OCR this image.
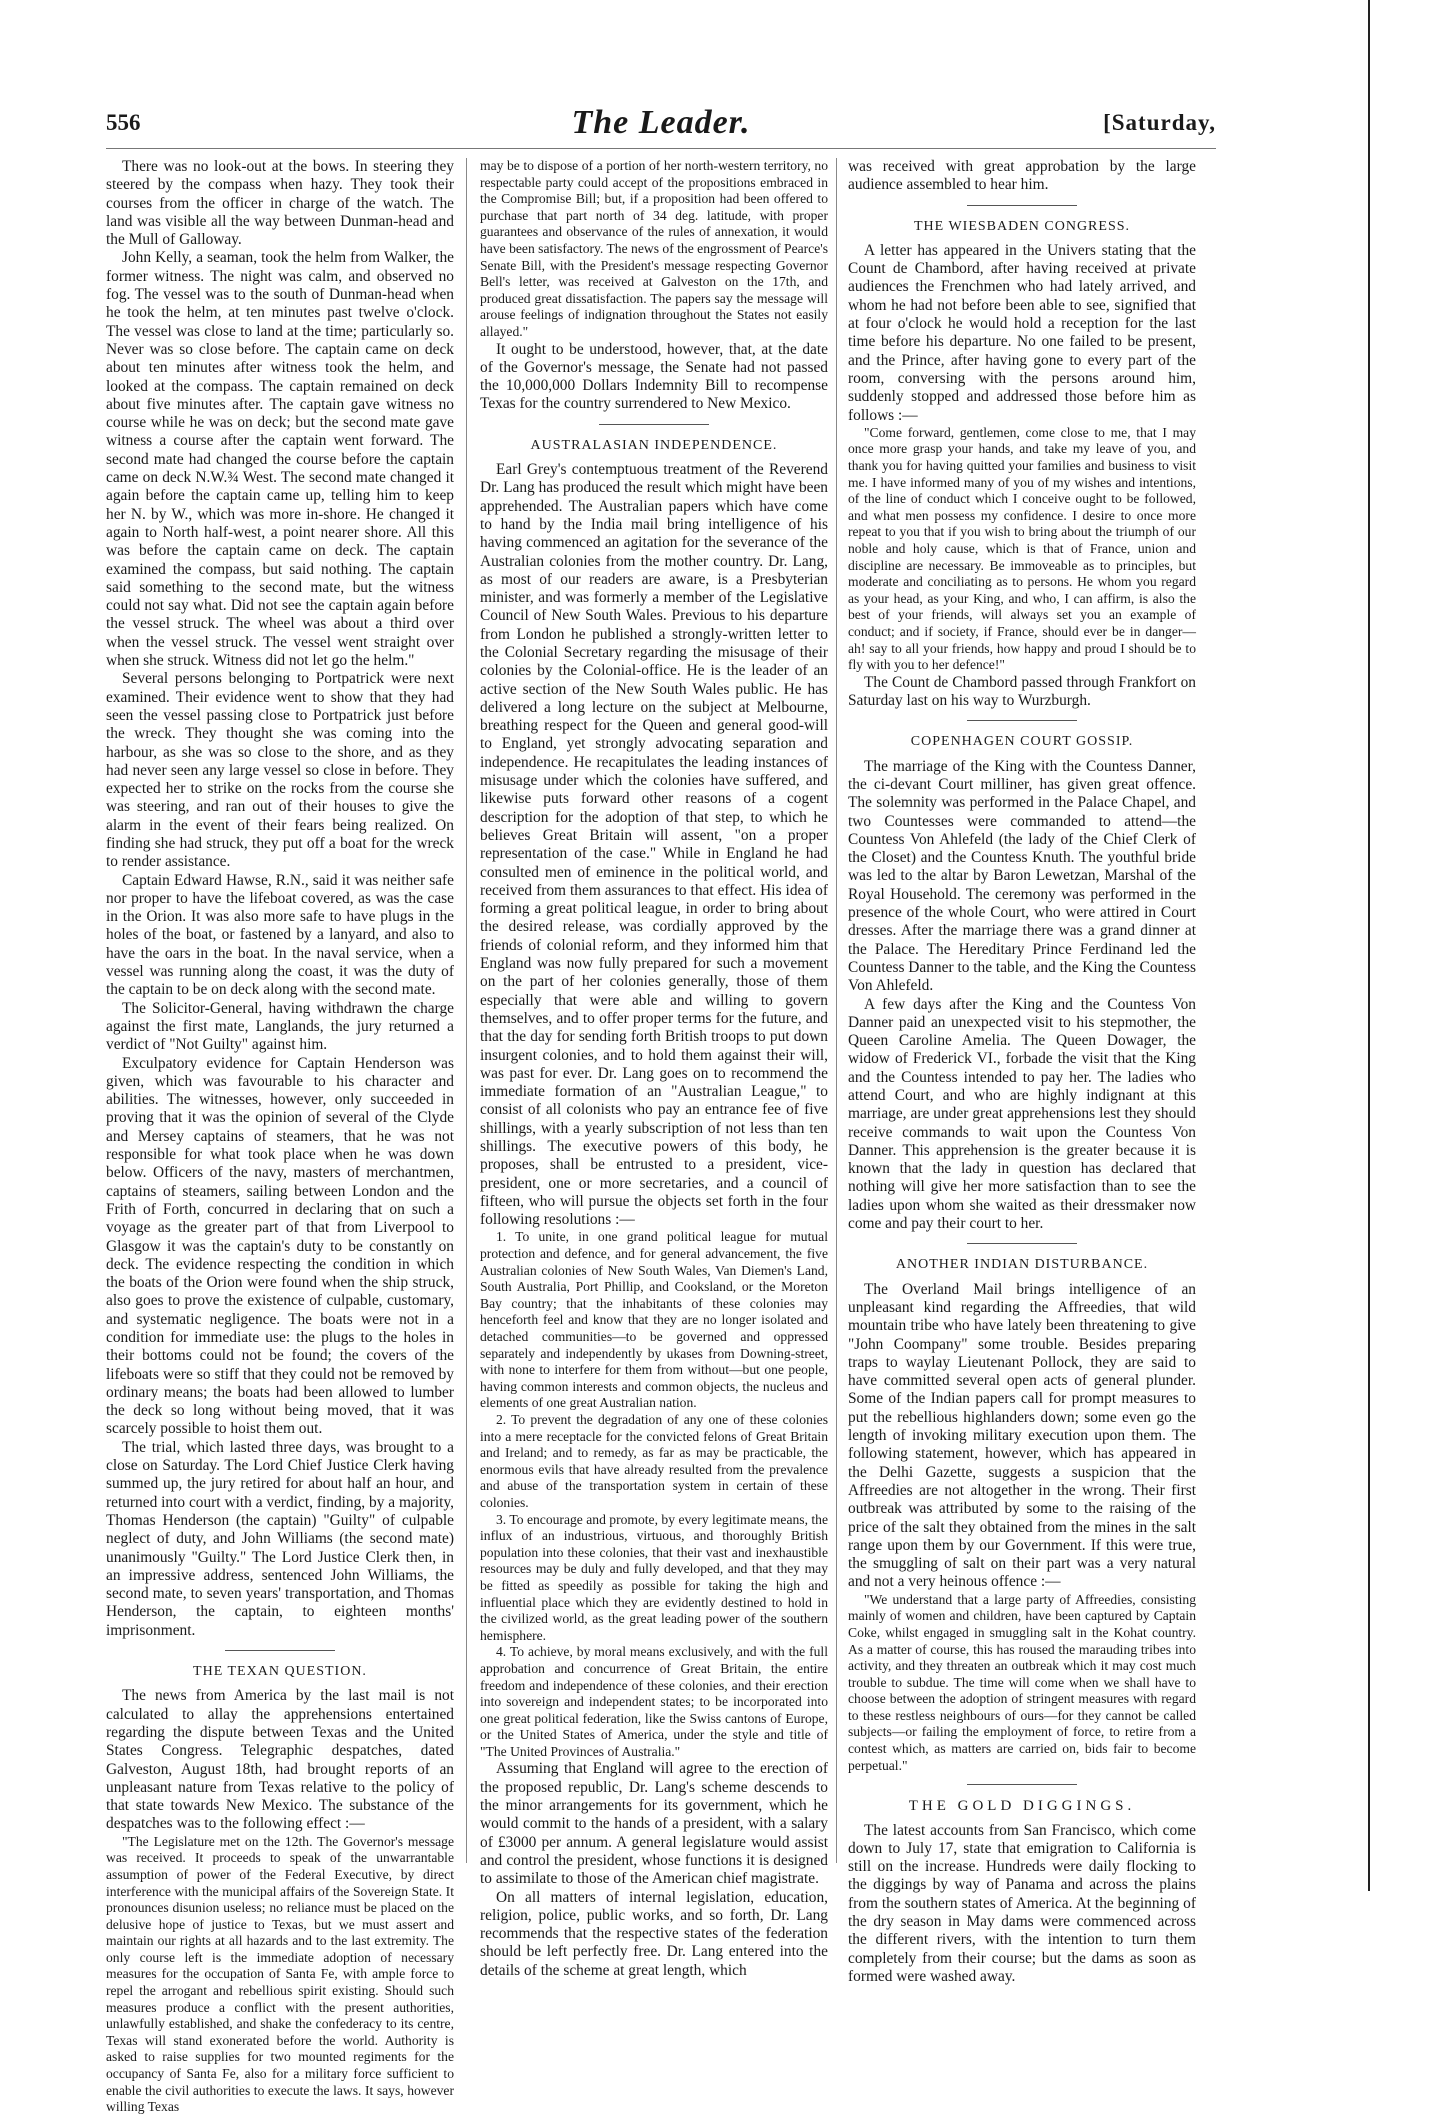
556	The Leader.	[Saturday,

There was no look-out at the bows. In steering they steered by the compass when hazy. They took their courses from the officer in charge of the watch. The land was visible all the way between Dunman-head and the Mull of Galloway.

John Kelly, a seaman, took the helm from Walker, the former witness. The night was calm, and observed no fog. The vessel was to the south of Dunman-head when he took the helm, at ten minutes past twelve o'clock. The vessel was close to land at the time; particularly so. Never was so close before. The captain came on deck about ten minutes after witness took the helm, and looked at the compass. The captain remained on deck about five minutes after. The captain gave witness no course while he was on deck; but the second mate gave witness a course after the captain went forward. The second mate had changed the course before the captain came on deck N.W.¾ West. The second mate changed it again before the captain came up, telling him to keep her N. by W., which was more in-shore. He changed it again to North half-west, a point nearer shore. All this was before the captain came on deck. The captain examined the compass, but said nothing. The captain said something to the second mate, but the witness could not say what. Did not see the captain again before the vessel struck. The wheel was about a third over when the vessel struck. The vessel went straight over when she struck. Witness did not let go the helm."

Several persons belonging to Portpatrick were next examined. Their evidence went to show that they had seen the vessel passing close to Portpatrick just before the wreck. They thought she was coming into the harbour, as she was so close to the shore, and as they had never seen any large vessel so close in before. They expected her to strike on the rocks from the course she was steering, and ran out of their houses to give the alarm in the event of their fears being realized. On finding she had struck, they put off a boat for the wreck to render assistance.

Captain Edward Hawse, R.N., said it was neither safe nor proper to have the lifeboat covered, as was the case in the Orion. It was also more safe to have plugs in the holes of the boat, or fastened by a lanyard, and also to have the oars in the boat. In the naval service, when a vessel was running along the coast, it was the duty of the captain to be on deck along with the second mate.

The Solicitor-General, having withdrawn the charge against the first mate, Langlands, the jury returned a verdict of "Not Guilty" against him.

Exculpatory evidence for Captain Henderson was given, which was favourable to his character and abilities. The witnesses, however, only succeeded in proving that it was the opinion of several of the Clyde and Mersey captains of steamers, that he was not responsible for what took place when he was down below. Officers of the navy, masters of merchantmen, captains of steamers, sailing between London and the Frith of Forth, concurred in declaring that on such a voyage as the greater part of that from Liverpool to Glasgow it was the captain's duty to be constantly on deck. The evidence respecting the condition in which the boats of the Orion were found when the ship struck, also goes to prove the existence of culpable, customary, and systematic negligence. The boats were not in a condition for immediate use: the plugs to the holes in their bottoms could not be found; the covers of the lifeboats were so stiff that they could not be removed by ordinary means; the boats had been allowed to lumber the deck so long without being moved, that it was scarcely possible to hoist them out.

The trial, which lasted three days, was brought to a close on Saturday. The Lord Chief Justice Clerk having summed up, the jury retired for about half an hour, and returned into court with a verdict, finding, by a majority, Thomas Henderson (the captain) "Guilty" of culpable neglect of duty, and John Williams (the second mate) unanimously "Guilty." The Lord Justice Clerk then, in an impressive address, sentenced John Williams, the second mate, to seven years' transportation, and Thomas Henderson, the captain, to eighteen months' imprisonment.

THE TEXAN QUESTION.

The news from America by the last mail is not calculated to allay the apprehensions entertained regarding the dispute between Texas and the United States Congress. Telegraphic despatches, dated Galveston, August 18th, had brought reports of an unpleasant nature from Texas relative to the policy of that state towards New Mexico. The substance of the despatches was to the following effect :—

"The Legislature met on the 12th. The Governor's message was received. It proceeds to speak of the unwarrantable assumption of power of the Federal Executive, by direct interference with the municipal affairs of the Sovereign State. It pronounces disunion useless; no reliance must be placed on the delusive hope of justice to Texas, but we must assert and maintain our rights at all hazards and to the last extremity. The only course left is the immediate adoption of necessary measures for the occupation of Santa Fe, with ample force to repel the arrogant and rebellious spirit existing. Should such measures produce a conflict with the present authorities, unlawfully established, and shake the confederacy to its centre, Texas will stand exonerated before the world. Authority is asked to raise supplies for two mounted regiments for the occupancy of Santa Fe, also for a military force sufficient to enable the civil authorities to execute the laws. It says, however willing Texas

may be to dispose of a portion of her north-western territory, no respectable party could accept of the propositions embraced in the Compromise Bill; but, if a proposition had been offered to purchase that part north of 34 deg. latitude, with proper guarantees and observance of the rules of annexation, it would have been satisfactory. The news of the engrossment of Pearce's Senate Bill, with the President's message respecting Governor Bell's letter, was received at Galveston on the 17th, and produced great dissatisfaction. The papers say the message will arouse feelings of indignation throughout the States not easily allayed."

It ought to be understood, however, that, at the date of the Governor's message, the Senate had not passed the 10,000,000 Dollars Indemnity Bill to recompense Texas for the country surrendered to New Mexico.

AUSTRALASIAN INDEPENDENCE.

Earl Grey's contemptuous treatment of the Reverend Dr. Lang has produced the result which might have been apprehended. The Australian papers which have come to hand by the India mail bring intelligence of his having commenced an agitation for the severance of the Australian colonies from the mother country. Dr. Lang, as most of our readers are aware, is a Presbyterian minister, and was formerly a member of the Legislative Council of New South Wales. Previous to his departure from London he published a strongly-written letter to the Colonial Secretary regarding the misusage of their colonies by the Colonial-office. He is the leader of an active section of the New South Wales public. He has delivered a long lecture on the subject at Melbourne, breathing respect for the Queen and general good-will to England, yet strongly advocating separation and independence. He recapitulates the leading instances of misusage under which the colonies have suffered, and likewise puts forward other reasons of a cogent description for the adoption of that step, to which he believes Great Britain will assent, "on a proper representation of the case." While in England he had consulted men of eminence in the political world, and received from them assurances to that effect. His idea of forming a great political league, in order to bring about the desired release, was cordially approved by the friends of colonial reform, and they informed him that England was now fully prepared for such a movement on the part of her colonies generally, those of them especially that were able and willing to govern themselves, and to offer proper terms for the future, and that the day for sending forth British troops to put down insurgent colonies, and to hold them against their will, was past for ever. Dr. Lang goes on to recommend the immediate formation of an "Australian League," to consist of all colonists who pay an entrance fee of five shillings, with a yearly subscription of not less than ten shillings. The executive powers of this body, he proposes, shall be entrusted to a president, vice-president, one or more secretaries, and a council of fifteen, who will pursue the objects set forth in the four following resolutions :—

1. To unite, in one grand political league for mutual protection and defence, and for general advancement, the five Australian colonies of New South Wales, Van Diemen's Land, South Australia, Port Phillip, and Cooksland, or the Moreton Bay country; that the inhabitants of these colonies may henceforth feel and know that they are no longer isolated and detached communities—to be governed and oppressed separately and independently by ukases from Downing-street, with none to interfere for them from without—but one people, having common interests and common objects, the nucleus and elements of one great Australian nation.

2. To prevent the degradation of any one of these colonies into a mere receptacle for the convicted felons of Great Britain and Ireland; and to remedy, as far as may be practicable, the enormous evils that have already resulted from the prevalence and abuse of the transportation system in certain of these colonies.

3. To encourage and promote, by every legitimate means, the influx of an industrious, virtuous, and thoroughly British population into these colonies, that their vast and inexhaustible resources may be duly and fully developed, and that they may be fitted as speedily as possible for taking the high and influential place which they are evidently destined to hold in the civilized world, as the great leading power of the southern hemisphere.

4. To achieve, by moral means exclusively, and with the full approbation and concurrence of Great Britain, the entire freedom and independence of these colonies, and their erection into sovereign and independent states; to be incorporated into one great political federation, like the Swiss cantons of Europe, or the United States of America, under the style and title of "The United Provinces of Australia."

Assuming that England will agree to the erection of the proposed republic, Dr. Lang's scheme descends to the minor arrangements for its government, which he would commit to the hands of a president, with a salary of £3000 per annum. A general legislature would assist and control the president, whose functions it is designed to assimilate to those of the American chief magistrate.

On all matters of internal legislation, education, religion, police, public works, and so forth, Dr. Lang recommends that the respective states of the federation should be left perfectly free. Dr. Lang entered into the details of the scheme at great length, which

was received with great approbation by the large audience assembled to hear him.

THE WIESBADEN CONGRESS.

A letter has appeared in the Univers stating that the Count de Chambord, after having received at private audiences the Frenchmen who had lately arrived, and whom he had not before been able to see, signified that at four o'clock he would hold a reception for the last time before his departure. No one failed to be present, and the Prince, after having gone to every part of the room, conversing with the persons around him, suddenly stopped and addressed those before him as follows :—

"Come forward, gentlemen, come close to me, that I may once more grasp your hands, and take my leave of you, and thank you for having quitted your families and business to visit me. I have informed many of you of my wishes and intentions, of the line of conduct which I conceive ought to be followed, and what men possess my confidence. I desire to once more repeat to you that if you wish to bring about the triumph of our noble and holy cause, which is that of France, union and discipline are necessary. Be immoveable as to principles, but moderate and conciliating as to persons. He whom you regard as your head, as your King, and who, I can affirm, is also the best of your friends, will always set you an example of conduct; and if society, if France, should ever be in danger—ah! say to all your friends, how happy and proud I should be to fly with you to her defence!"

The Count de Chambord passed through Frankfort on Saturday last on his way to Wurzburgh.

COPENHAGEN COURT GOSSIP.

The marriage of the King with the Countess Danner, the ci-devant Court milliner, has given great offence. The solemnity was performed in the Palace Chapel, and two Countesses were commanded to attend—the Countess Von Ahlefeld (the lady of the Chief Clerk of the Closet) and the Countess Knuth. The youthful bride was led to the altar by Baron Lewetzan, Marshal of the Royal Household. The ceremony was performed in the presence of the whole Court, who were attired in Court dresses. After the marriage there was a grand dinner at the Palace. The Hereditary Prince Ferdinand led the Countess Danner to the table, and the King the Countess Von Ahlefeld.

A few days after the King and the Countess Von Danner paid an unexpected visit to his stepmother, the Queen Caroline Amelia. The Queen Dowager, the widow of Frederick VI., forbade the visit that the King and the Countess intended to pay her. The ladies who attend Court, and who are highly indignant at this marriage, are under great apprehensions lest they should receive commands to wait upon the Countess Von Danner. This apprehension is the greater because it is known that the lady in question has declared that nothing will give her more satisfaction than to see the ladies upon whom she waited as their dressmaker now come and pay their court to her.

ANOTHER INDIAN DISTURBANCE.

The Overland Mail brings intelligence of an unpleasant kind regarding the Affreedies, that wild mountain tribe who have lately been threatening to give "John Coompany" some trouble. Besides preparing traps to waylay Lieutenant Pollock, they are said to have committed several open acts of general plunder. Some of the Indian papers call for prompt measures to put the rebellious highlanders down; some even go the length of invoking military execution upon them. The following statement, however, which has appeared in the Delhi Gazette, suggests a suspicion that the Affreedies are not altogether in the wrong. Their first outbreak was attributed by some to the raising of the price of the salt they obtained from the mines in the salt range upon them by our Government. If this were true, the smuggling of salt on their part was a very natural and not a very heinous offence :—

"We understand that a large party of Affreedies, consisting mainly of women and children, have been captured by Captain Coke, whilst engaged in smuggling salt in the Kohat country. As a matter of course, this has roused the marauding tribes into activity, and they threaten an outbreak which it may cost much trouble to subdue. The time will come when we shall have to choose between the adoption of stringent measures with regard to these restless neighbours of ours—for they cannot be called subjects—or failing the employment of force, to retire from a contest which, as matters are carried on, bids fair to become perpetual."

THE GOLD DIGGINGS.

The latest accounts from San Francisco, which come down to July 17, state that emigration to California is still on the increase. Hundreds were daily flocking to the diggings by way of Panama and across the plains from the southern states of America. At the beginning of the dry season in May dams were commenced across the different rivers, with the intention to turn them completely from their course; but the dams as soon as formed were washed away.
